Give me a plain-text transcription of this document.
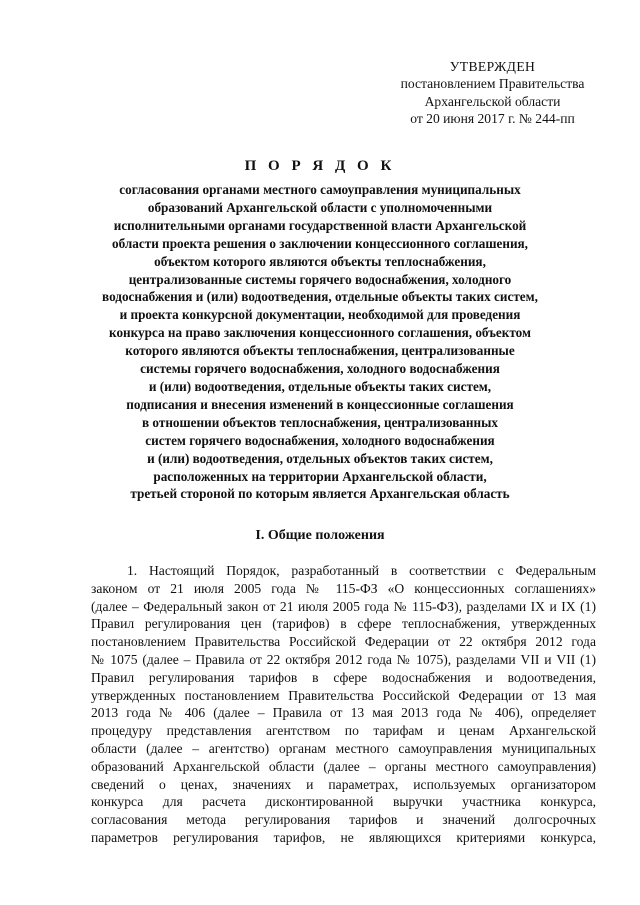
УТВЕРЖДЕН
постановлением Правительства
Архангельской области
от 20 июня 2017 г. № 244-пп
П О Р Я Д О К
согласования органами местного самоуправления муниципальных
образований Архангельской области с уполномоченными
исполнительными органами государственной власти Архангельской
области проекта решения о заключении концессионного соглашения,
объектом которого являются объекты теплоснабжения,
централизованные системы горячего водоснабжения, холодного
водоснабжения и (или) водоотведения, отдельные объекты таких систем,
и проекта конкурсной документации, необходимой для проведения
конкурса на право заключения концессионного соглашения, объектом
которого являются объекты теплоснабжения, централизованные
системы горячего водоснабжения, холодного водоснабжения
и (или) водоотведения, отдельные объекты таких систем,
подписания и внесения изменений в концессионные соглашения
в отношении объектов теплоснабжения, централизованных
систем горячего водоснабжения, холодного водоснабжения
и (или) водоотведения, отдельных объектов таких систем,
расположенных на территории Архангельской области,
третьей стороной по которым является Архангельская область
I. Общие положения
1. Настоящий Порядок, разработанный в соответствии с Федеральным
законом от 21 июля 2005 года № 115-ФЗ «О концессионных соглашениях»
(далее – Федеральный закон от 21 июля 2005 года № 115-ФЗ), разделами IX и IX (1)
Правил регулирования цен (тарифов) в сфере теплоснабжения, утвержденных
постановлением Правительства Российской Федерации от 22 октября 2012 года
№ 1075 (далее – Правила от 22 октября 2012 года № 1075), разделами VII и VII (1)
Правил регулирования тарифов в сфере водоснабжения и водоотведения,
утвержденных постановлением Правительства Российской Федерации от 13 мая
2013 года № 406 (далее – Правила от 13 мая 2013 года № 406), определяет
процедуру представления агентством по тарифам и ценам Архангельской
области (далее – агентство) органам местного самоуправления муниципальных
образований Архангельской области (далее – органы местного самоуправления)
сведений о ценах, значениях и параметрах, используемых организатором
конкурса для расчета дисконтированной выручки участника конкурса,
согласования метода регулирования тарифов и значений долгосрочных
параметров регулирования тарифов, не являющихся критериями конкурса,
